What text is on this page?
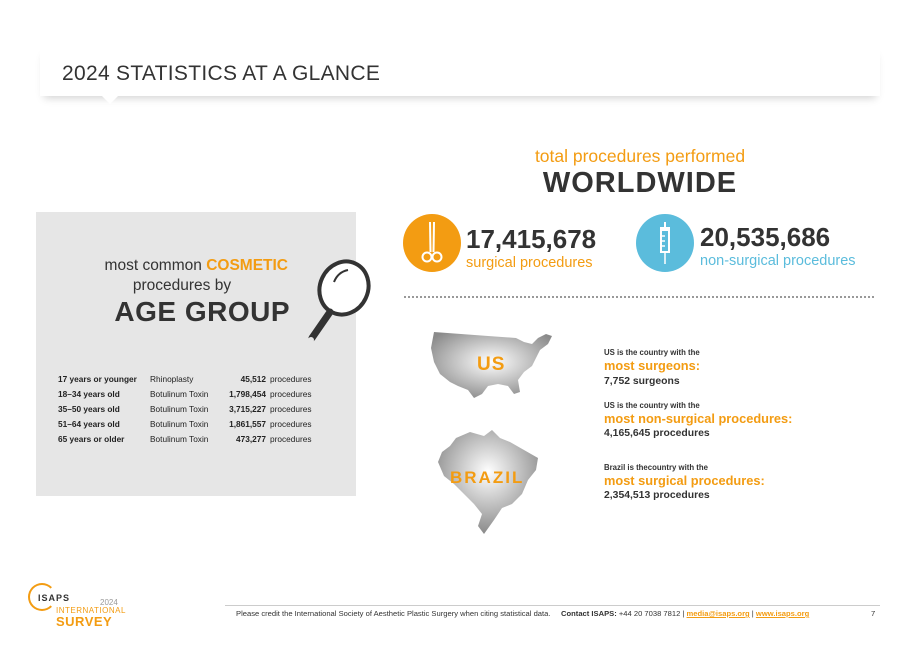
2024 STATISTICS AT A GLANCE
most common COSMETIC
procedures by
AGE GROUP
17 years or younger Rhinoplasty	45,512 procedures
18–34 years old	Botulinum Toxin	1,798,454 procedures
35–50 years old	Botulinum Toxin	3,715,227 procedures
51–64 years old	Botulinum Toxin	1,861,557 procedures
65 years or older	Botulinum Toxin	473,277 procedures
total procedures performed
WORLDWIDE
17,415,678
surgical procedures
20,535,686
non-surgical procedures
US
BRAZIL
US is the country with the
most surgeons:
7,752 surgeons
US is the country with the
most non-surgical procedures:
4,165,645 procedures
Brazil is thecountry with the
most surgical procedures:
2,354,513 procedures
ISAPS	2024
INTERNATIONAL
SURVEY
Please credit the International Society of Aesthetic Plastic Surgery when citing statistical data. Contact ISAPS: +44 20 7038 7812 | media@isaps.org | www.isaps.org	7
